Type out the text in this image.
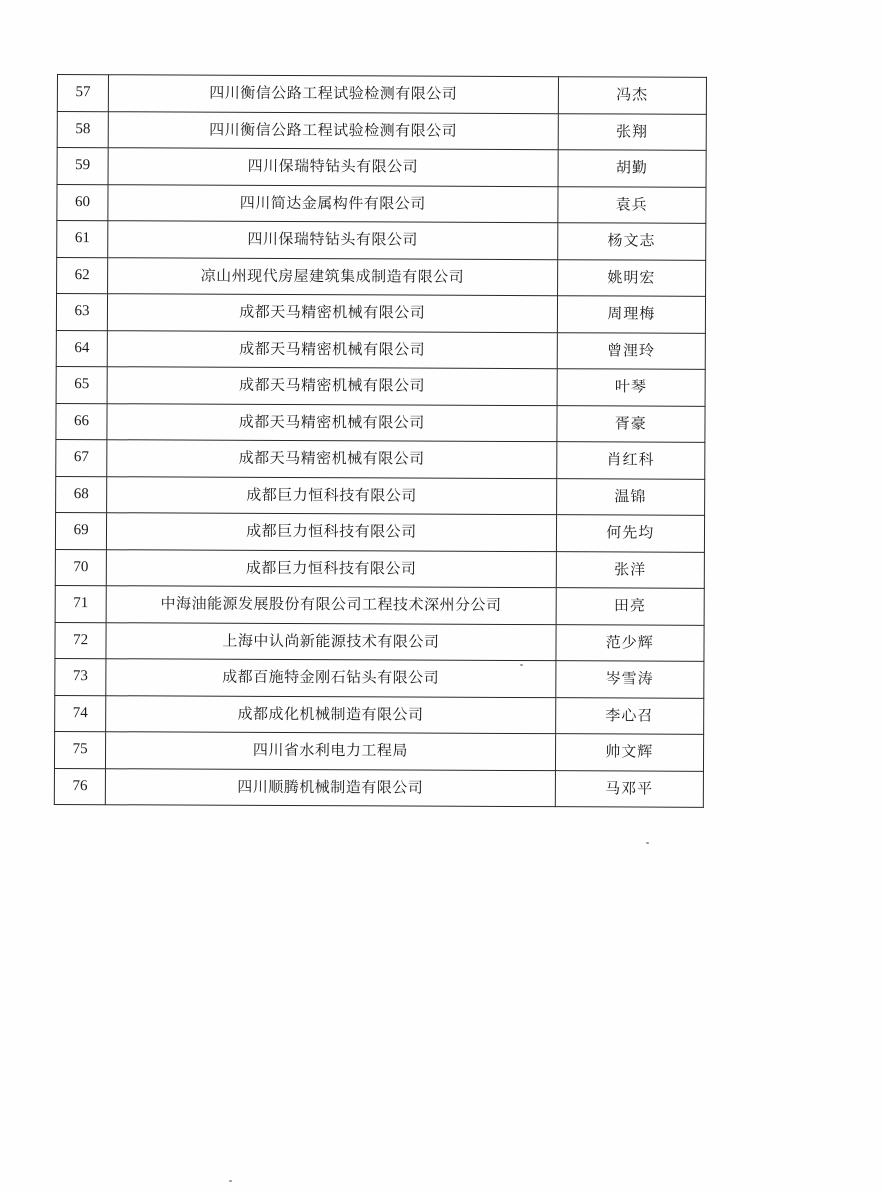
57	四川衡信公路工程试验检测有限公司	冯杰
58	四川衡信公路工程试验检测有限公司	张翔
59	四川保瑞特钻头有限公司	胡勤
60	四川简达金属构件有限公司	袁兵
61	四川保瑞特钻头有限公司	杨文志
62	凉山州现代房屋建筑集成制造有限公司	姚明宏
63	成都天马精密机械有限公司	周理梅
64	成都天马精密机械有限公司	曾浬玲
65	成都天马精密机械有限公司	叶琴
66	成都天马精密机械有限公司	胥豪
67	成都天马精密机械有限公司	肖红科
68	成都巨力恒科技有限公司	温锦
69	成都巨力恒科技有限公司	何先均
70	成都巨力恒科技有限公司	张洋
71	中海油能源发展股份有限公司工程技术深州分公司	田亮
72	上海中认尚新能源技术有限公司	范少辉
73	成都百施特金刚石钻头有限公司	岑雪涛
74	成都成化机械制造有限公司	李心召
75	四川省水利电力工程局	帅文辉
76	四川顺腾机械制造有限公司	马邓平
